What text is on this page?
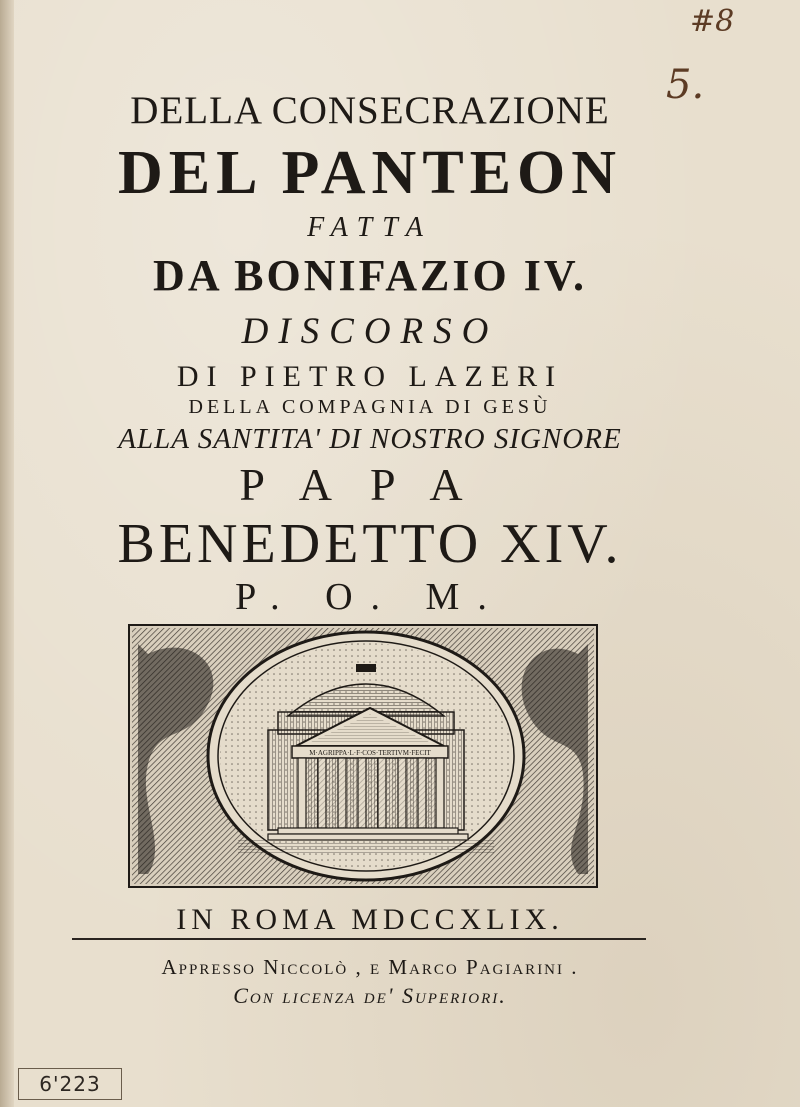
#8
5.
DELLA CONSECRAZIONE
DEL PANTEON
FATTA
DA BONIFAZIO IV.
DISCORSO
DI PIETRO LAZERI
DELLA COMPAGNIA DI GESÙ
ALLA SANTITA' DI NOSTRO SIGNORE
PAPA
BENEDETTO XIV.
P. O. M.
M·AGRIPPA·L·F·COS·TERTIVM·FECIT
IN ROMA MDCCXLIX.
Appresso Niccolò , e Marco Pagiarini .
Con licenza de' Superiori.
6'223
